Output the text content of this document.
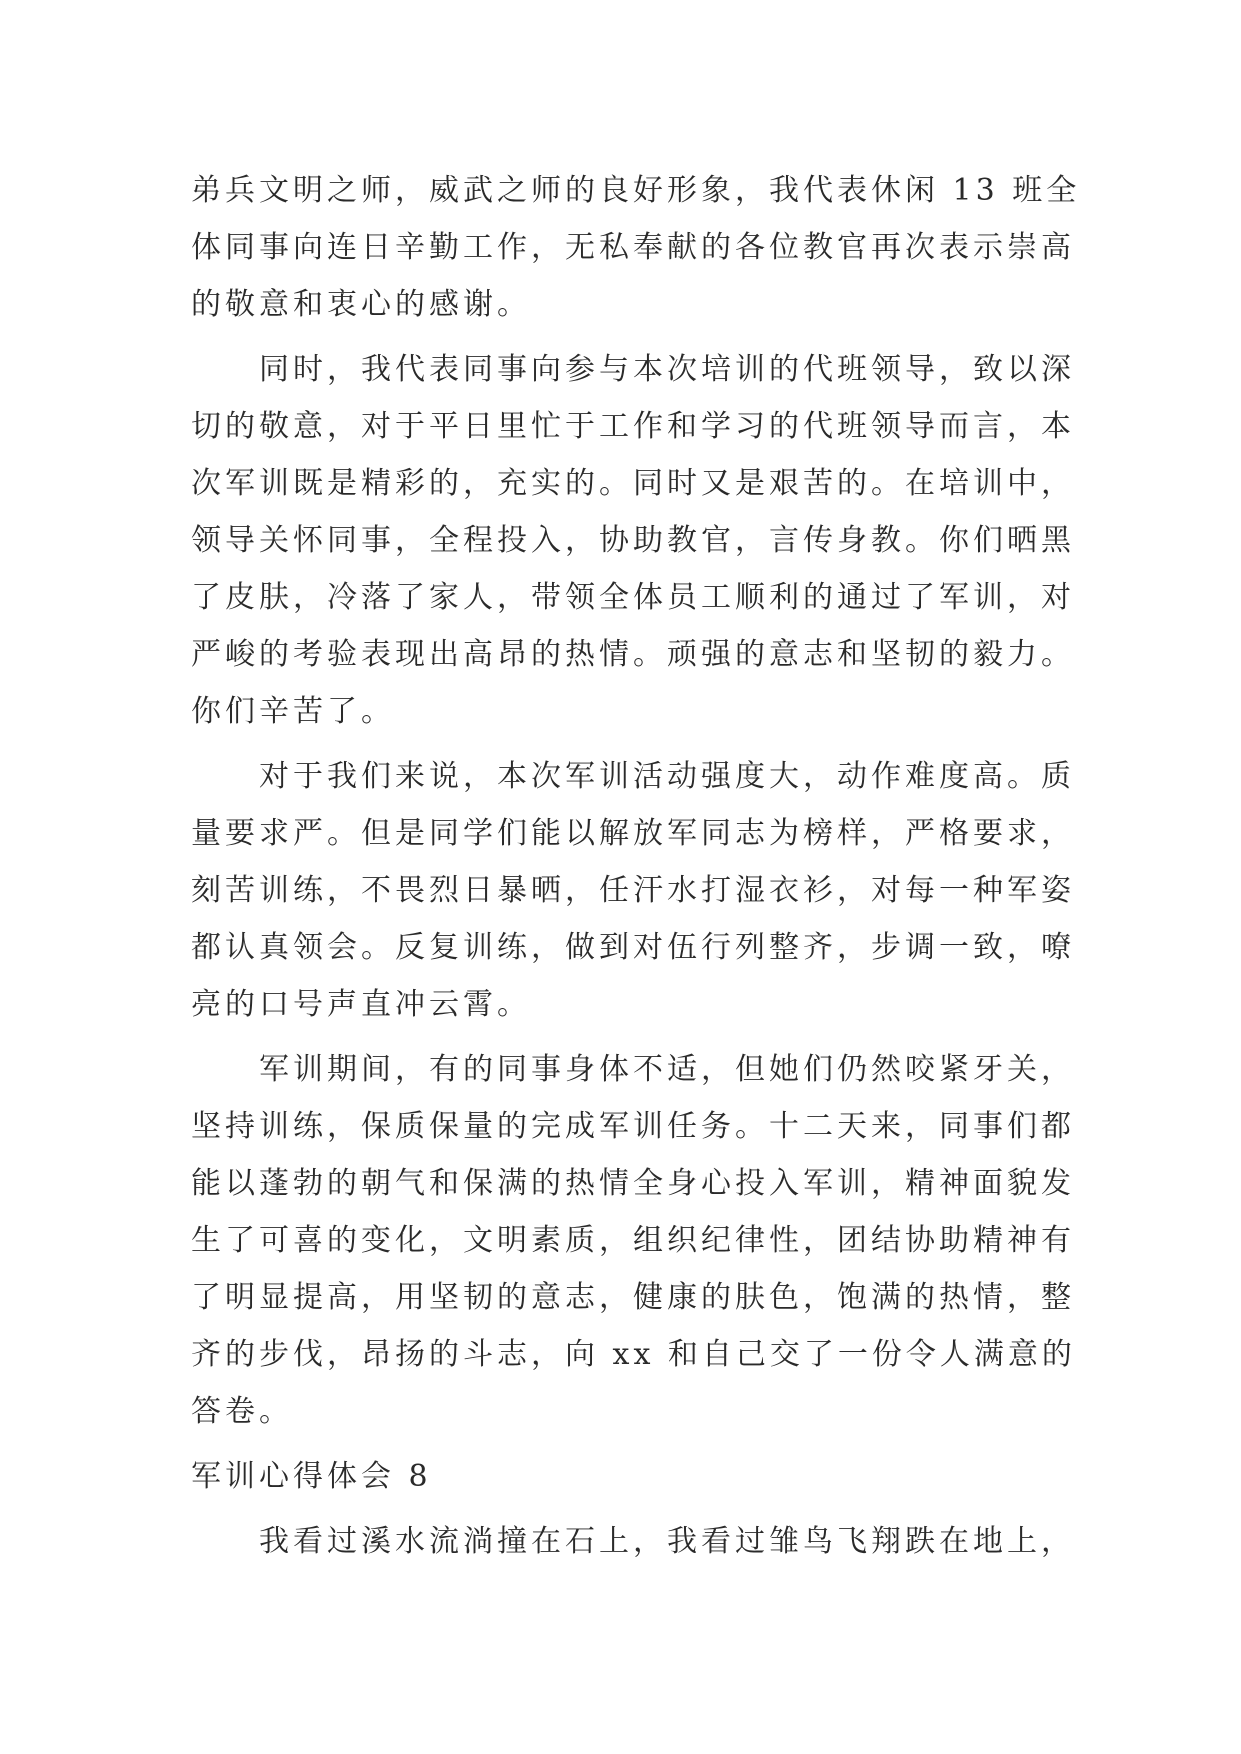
弟兵文明之师，威武之师的良好形象，我代表休闲 13 班全
体同事向连日辛勤工作，无私奉献的各位教官再次表示崇高
的敬意和衷心的感谢。

同时，我代表同事向参与本次培训的代班领导，致以深
切的敬意，对于平日里忙于工作和学习的代班领导而言，本
次军训既是精彩的，充实的。同时又是艰苦的。在培训中，
领导关怀同事，全程投入，协助教官，言传身教。你们晒黑
了皮肤，冷落了家人，带领全体员工顺利的通过了军训，对
严峻的考验表现出高昂的热情。顽强的意志和坚韧的毅力。
你们辛苦了。

对于我们来说，本次军训活动强度大，动作难度高。质
量要求严。但是同学们能以解放军同志为榜样，严格要求，
刻苦训练，不畏烈日暴晒，任汗水打湿衣衫，对每一种军姿
都认真领会。反复训练，做到对伍行列整齐，步调一致，嘹
亮的口号声直冲云霄。

军训期间，有的同事身体不适，但她们仍然咬紧牙关，
坚持训练，保质保量的完成军训任务。十二天来，同事们都
能以蓬勃的朝气和保满的热情全身心投入军训，精神面貌发
生了可喜的变化，文明素质，组织纪律性，团结协助精神有
了明显提高，用坚韧的意志，健康的肤色，饱满的热情，整
齐的步伐，昂扬的斗志，向 xx 和自己交了一份令人满意的
答卷。

军训心得体会 8

我看过溪水流淌撞在石上，我看过雏鸟飞翔跌在地上，
